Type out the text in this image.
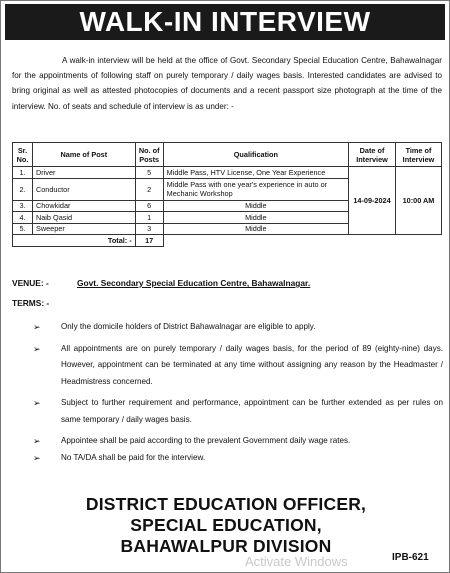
WALK-IN INTERVIEW

A walk-in interview will be held at the office of Govt. Secondary Special Education Centre, Bahawalnagar for the appointments of following staff on purely temporary / daily wages basis. Interested candidates are advised to bring original as well as attested photocopies of documents and a recent passport size photograph at the time of the interview. No. of seats and schedule of interview is as under: -

Sr. No.	Name of Post	No. of Posts	Qualification	Date of Interview	Time of Interview
1.	Driver	5	Middle Pass, HTV License, One Year Experience	14-09-2024	10:00 AM
2.	Conductor	2	Middle Pass with one year's experience in auto or Mechanic Workshop		
3.	Chowkidar	6	Middle		
4.	Naib Qasid	1	Middle		
5.	Sweeper	3	Middle		
Total: -		17			
VENUE: -	Govt. Secondary Special Education Centre, Bahawalnagar.
TERMS: -
➢	Only the domicile holders of District Bahawalnagar are eligible to apply.
➢	All appointments are on purely temporary / daily wages basis, for the period of 89 (eighty-nine) days. However, appointment can be terminated at any time without assigning any reason by the Headmaster / Headmistress concerned.
➢	Subject to further requirement and performance, appointment can be further extended as per rules on same temporary / daily wages basis.
➢	Appointee shall be paid according to the prevalent Government daily wage rates.
➢	No TA/DA shall be paid for the interview.
DISTRICT EDUCATION OFFICER,
SPECIAL EDUCATION,
BAHAWALPUR DIVISION
Activate Windows	IPB-621
